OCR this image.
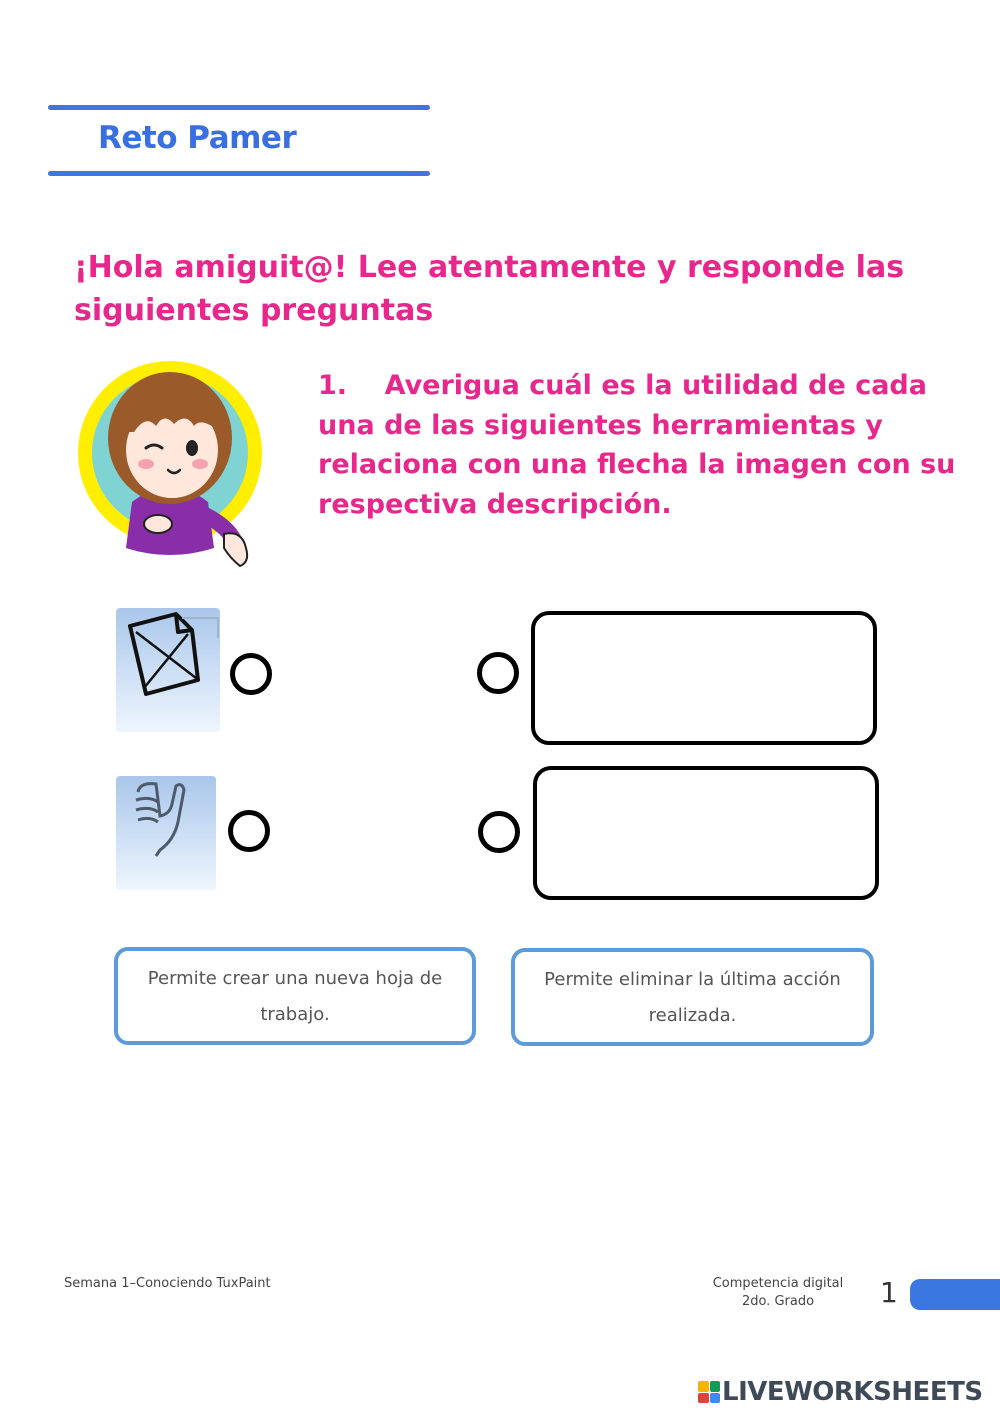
Reto Pamer
¡Hola amiguit@! Lee atentamente y responde las siguientes preguntas
1.    Averigua cuál es la utilidad de cada una de las siguientes herramientas y relaciona con una flecha la imagen con su respectiva descripción.
Permite crear una nueva hoja de trabajo.
Permite eliminar la última acción realizada.
Semana 1–Conociendo TuxPaint	Competencia digital
2do. Grado	1
LIVEWORKSHEETS
